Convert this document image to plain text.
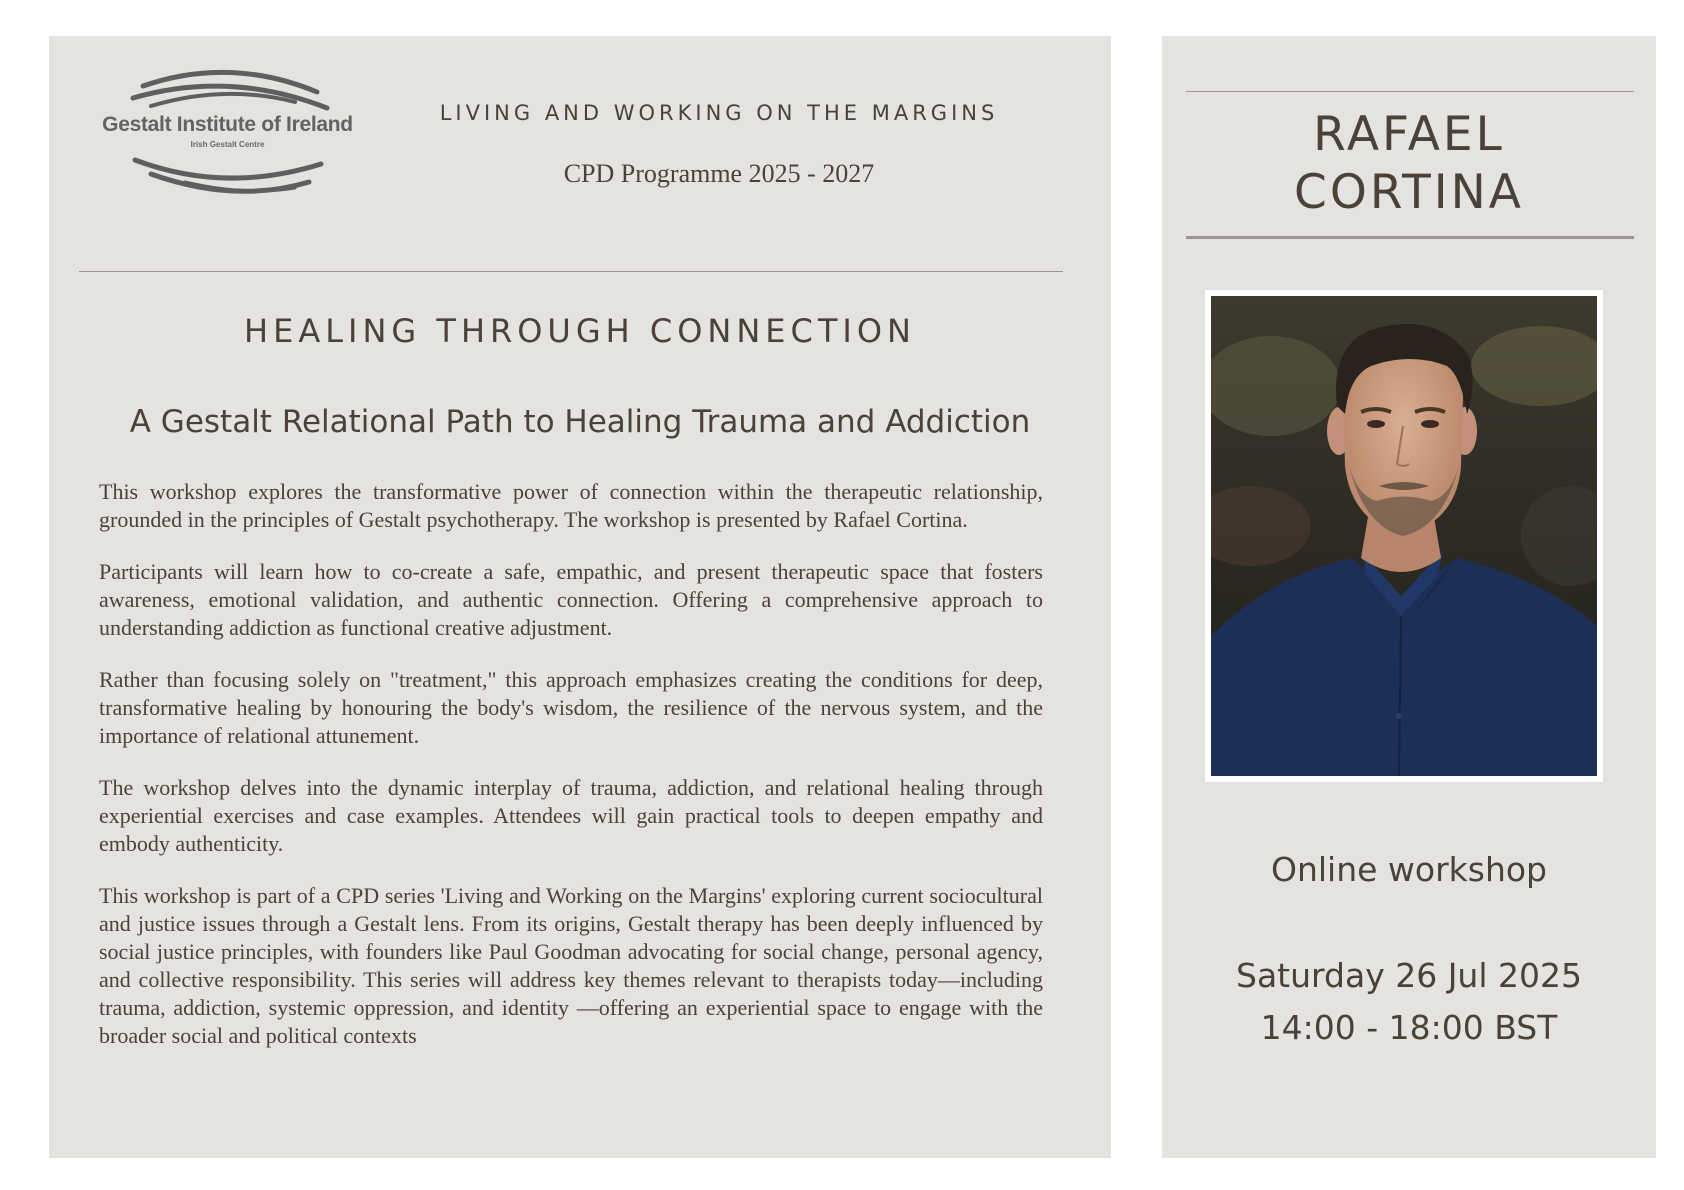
Gestalt Institute of Ireland
Irish Gestalt Centre
LIVING AND WORKING ON THE MARGINS
CPD Programme 2025 - 2027
HEALING THROUGH CONNECTION
A Gestalt Relational Path to Healing Trauma and Addiction

This workshop explores the transformative power of connection within the therapeutic relationship, grounded in the principles of Gestalt psychotherapy. The workshop is presented by Rafael Cortina.

Participants will learn how to co-create a safe, empathic, and present therapeutic space that fosters awareness, emotional validation, and authentic connection. Offering a comprehensive approach to understanding addiction as functional creative adjustment.

Rather than focusing solely on "treatment," this approach emphasizes creating the conditions for deep, transformative healing by honouring the body's wisdom, the resilience of the nervous system, and the importance of relational attunement.

The workshop delves into the dynamic interplay of trauma, addiction, and relational healing through experiential exercises and case examples. Attendees will gain practical tools to deepen empathy and embody authenticity.

This workshop is part of a CPD series 'Living and Working on the Margins' exploring current sociocultural and justice issues through a Gestalt lens. From its origins, Gestalt therapy has been deeply influenced by social justice principles, with founders like Paul Goodman advocating for social change, personal agency, and collective responsibility. This series will address key themes relevant to therapists today—including trauma, addiction, systemic oppression, and identity —offering an experiential space to engage with the broader social and political contexts

RAFAEL
CORTINA
Online workshop
Saturday 26 Jul 2025
14:00 - 18:00 BST
